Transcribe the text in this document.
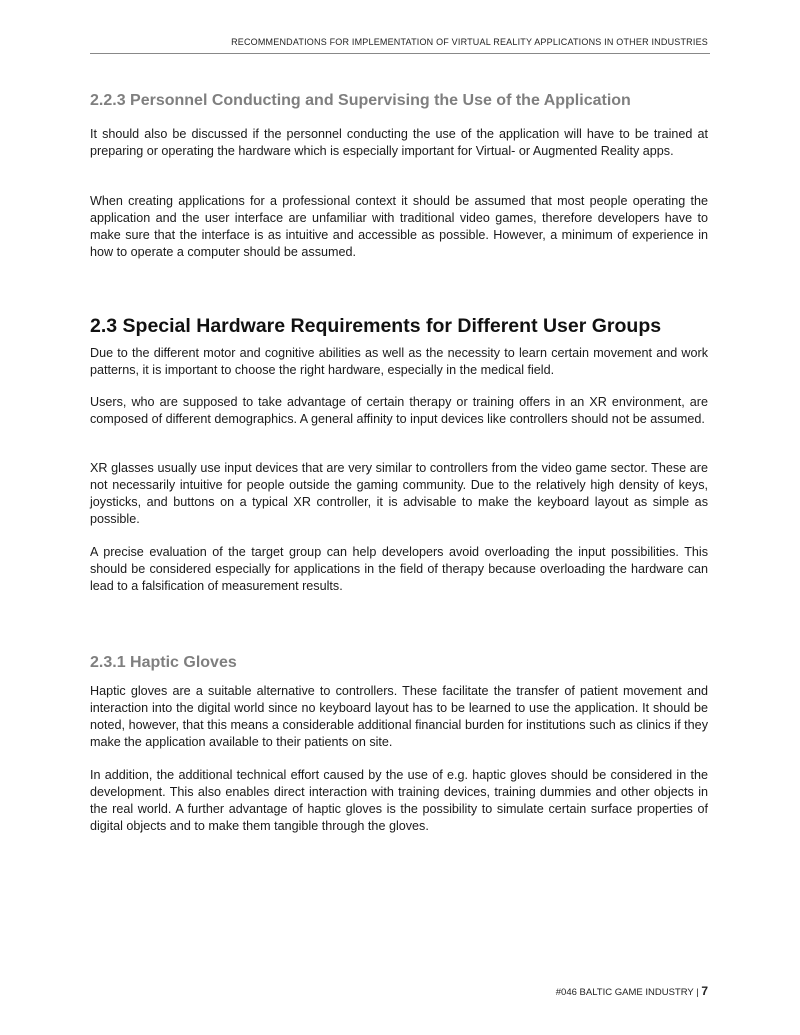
RECOMMENDATIONS FOR IMPLEMENTATION OF VIRTUAL REALITY APPLICATIONS IN OTHER INDUSTRIES
2.2.3 Personnel Conducting and Supervising the Use of the Application

It should also be discussed if the personnel conducting the use of the application will have to be trained at preparing or operating the hardware which is especially important for Virtual- or Augmented Reality apps.

When creating applications for a professional context it should be assumed that most people operating the application and the user interface are unfamiliar with traditional video games, therefore developers have to make sure that the interface is as intuitive and accessible as possible. However, a minimum of experience in how to operate a computer should be assumed.

2.3 Special Hardware Requirements for Different User Groups

Due to the different motor and cognitive abilities as well as the necessity to learn certain movement and work patterns, it is important to choose the right hardware, especially in the medical field.

Users, who are supposed to take advantage of certain therapy or training offers in an XR environment, are composed of different demographics. A general affinity to input devices like controllers should not be assumed.

XR glasses usually use input devices that are very similar to controllers from the video game sector. These are not necessarily intuitive for people outside the gaming community. Due to the relatively high density of keys, joysticks, and buttons on a typical XR controller, it is advisable to make the keyboard layout as simple as possible.

A precise evaluation of the target group can help developers avoid overloading the input possibilities. This should be considered especially for applications in the field of therapy because overloading the hardware can lead to a falsification of measurement results.

2.3.1 Haptic Gloves

Haptic gloves are a suitable alternative to controllers. These facilitate the transfer of patient movement and interaction into the digital world since no keyboard layout has to be learned to use the application. It should be noted, however, that this means a considerable additional financial burden for institutions such as clinics if they make the application available to their patients on site.

In addition, the additional technical effort caused by the use of e.g. haptic gloves should be considered in the development. This also enables direct interaction with training devices, training dummies and other objects in the real world. A further advantage of haptic gloves is the possibility to simulate certain surface properties of digital objects and to make them tangible through the gloves.

#046 BALTIC GAME INDUSTRY | 7
